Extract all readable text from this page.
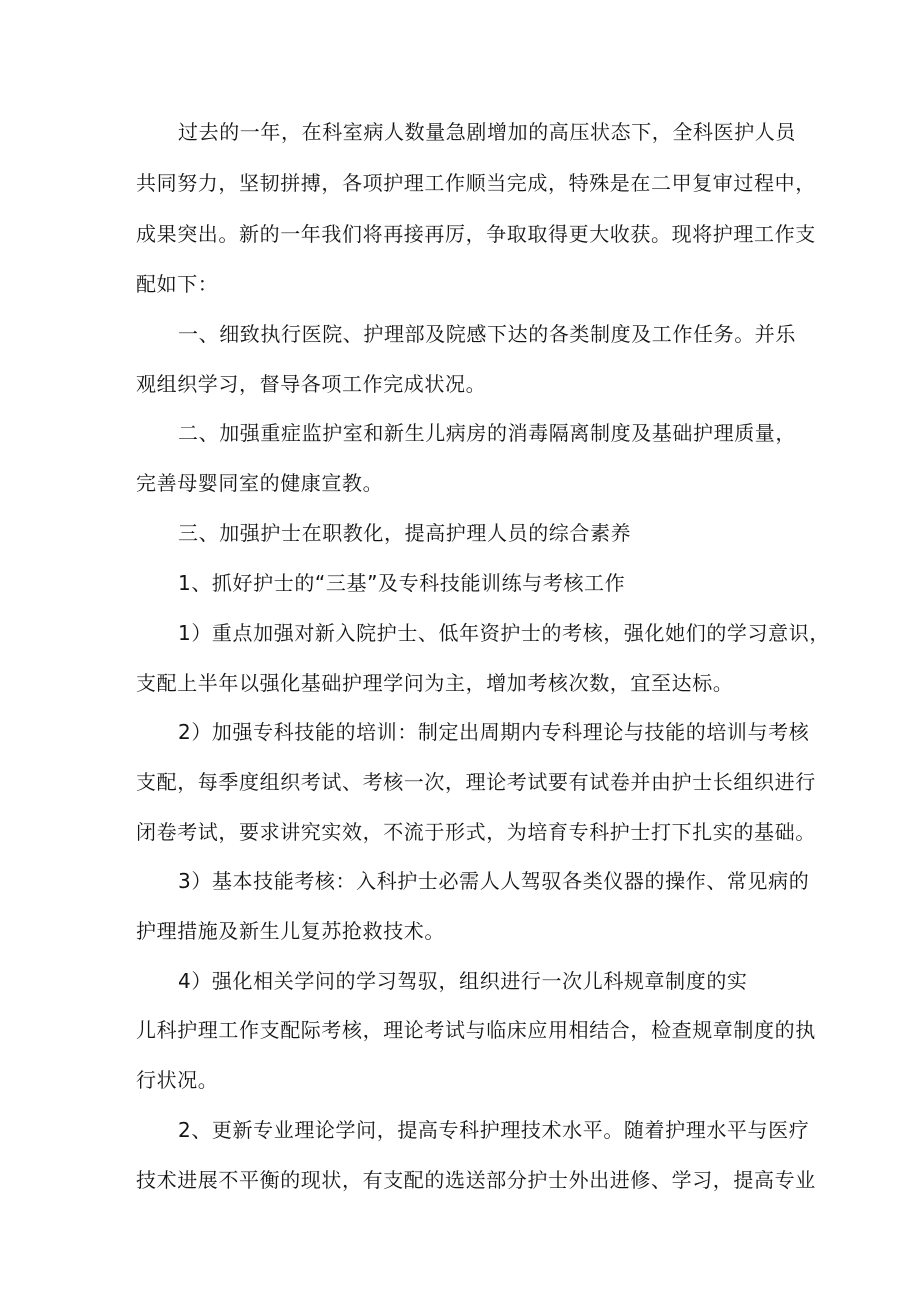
过去的一年，在科室病人数量急剧增加的高压状态下，全科医护人员
共同努力，坚韧拼搏，各项护理工作顺当完成，特殊是在二甲复审过程中，
成果突出。新的一年我们将再接再厉，争取取得更大收获。现将护理工作支
配如下：
一、细致执行医院、护理部及院感下达的各类制度及工作任务。并乐
观组织学习，督导各项工作完成状况。
二、加强重症监护室和新生儿病房的消毒隔离制度及基础护理质量，
完善母婴同室的健康宣教。
三、加强护士在职教化，提高护理人员的综合素养
1、抓好护士的“三基”及专科技能训练与考核工作
1）重点加强对新入院护士、低年资护士的考核，强化她们的学习意识，
支配上半年以强化基础护理学问为主，增加考核次数，宜至达标。
2）加强专科技能的培训：制定出周期内专科理论与技能的培训与考核
支配，每季度组织考试、考核一次，理论考试要有试卷并由护士长组织进行
闭卷考试，要求讲究实效，不流于形式，为培育专科护士打下扎实的基础。
3）基本技能考核：入科护士必需人人驾驭各类仪器的操作、常见病的
护理措施及新生儿复苏抢救技术。
4）强化相关学问的学习驾驭，组织进行一次儿科规章制度的实
儿科护理工作支配际考核，理论考试与临床应用相结合，检查规章制度的执
行状况。
2、更新专业理论学问，提高专科护理技术水平。随着护理水平与医疗
技术进展不平衡的现状，有支配的选送部分护士外出进修、学习，提高专业
